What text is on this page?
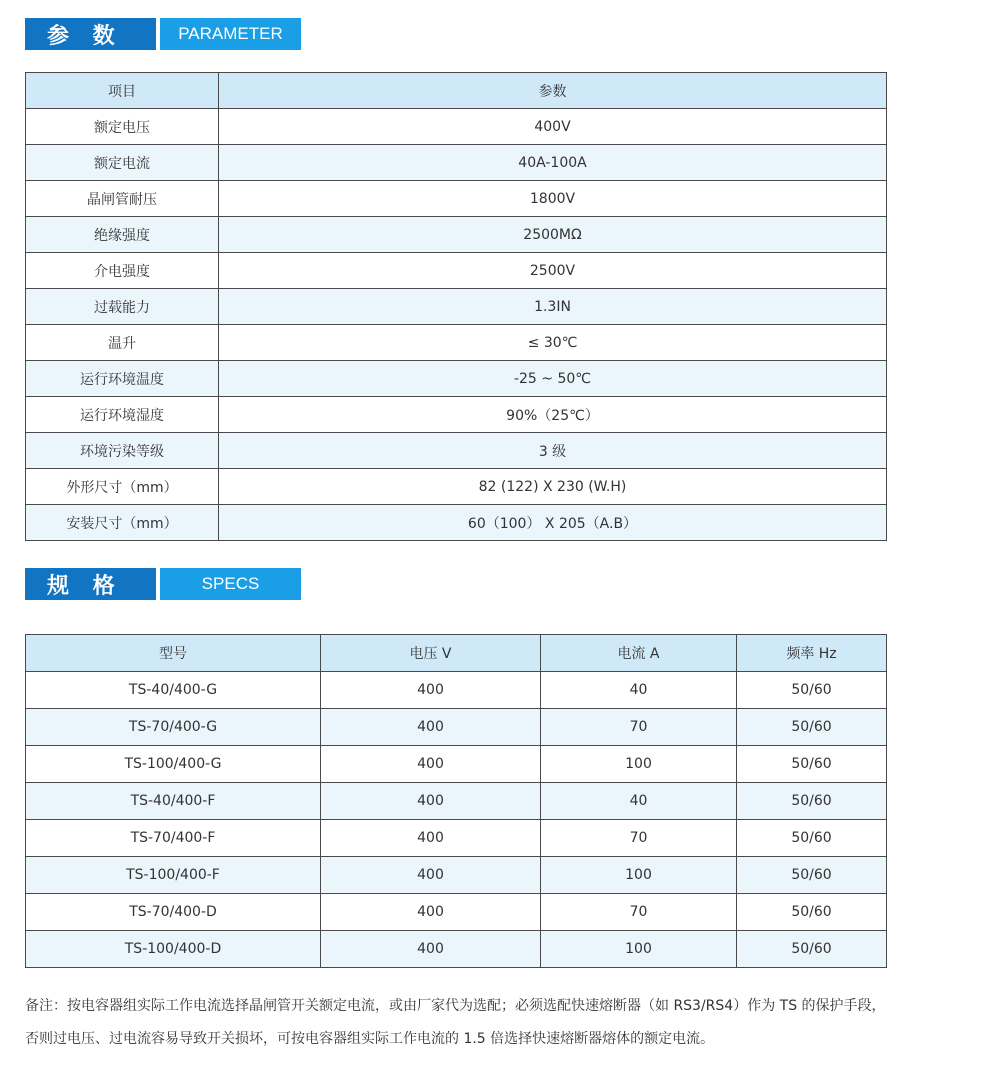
参 数	PARAMETER
项目	参数
额定电压	400V
额定电流	40A-100A
晶闸管耐压	1800V
绝缘强度	2500MΩ
介电强度	2500V
过载能力	1.3IN
温升	≤ 30℃
运行环境温度	-25 ~ 50℃
运行环境湿度	90%（25℃）
环境污染等级	3 级
外形尺寸（mm）	82 (122) X 230 (W.H)
安装尺寸（mm）	60（100） X 205（A.B）
规 格	SPECS
型号	电压 V	电流 A	频率 Hz
TS-40/400-G	400	40	50/60
TS-70/400-G	400	70	50/60
TS-100/400-G	400	100	50/60
TS-40/400-F	400	40	50/60
TS-70/400-F	400	70	50/60
TS-100/400-F	400	100	50/60
TS-70/400-D	400	70	50/60
TS-100/400-D	400	100	50/60
备注：按电容器组实际工作电流选择晶闸管开关额定电流，或由厂家代为选配；必须选配快速熔断器（如 RS3/RS4）作为 TS 的保护手段，否则过电压、过电流容易导致开关损坏，可按电容器组实际工作电流的 1.5 倍选择快速熔断器熔体的额定电流。
